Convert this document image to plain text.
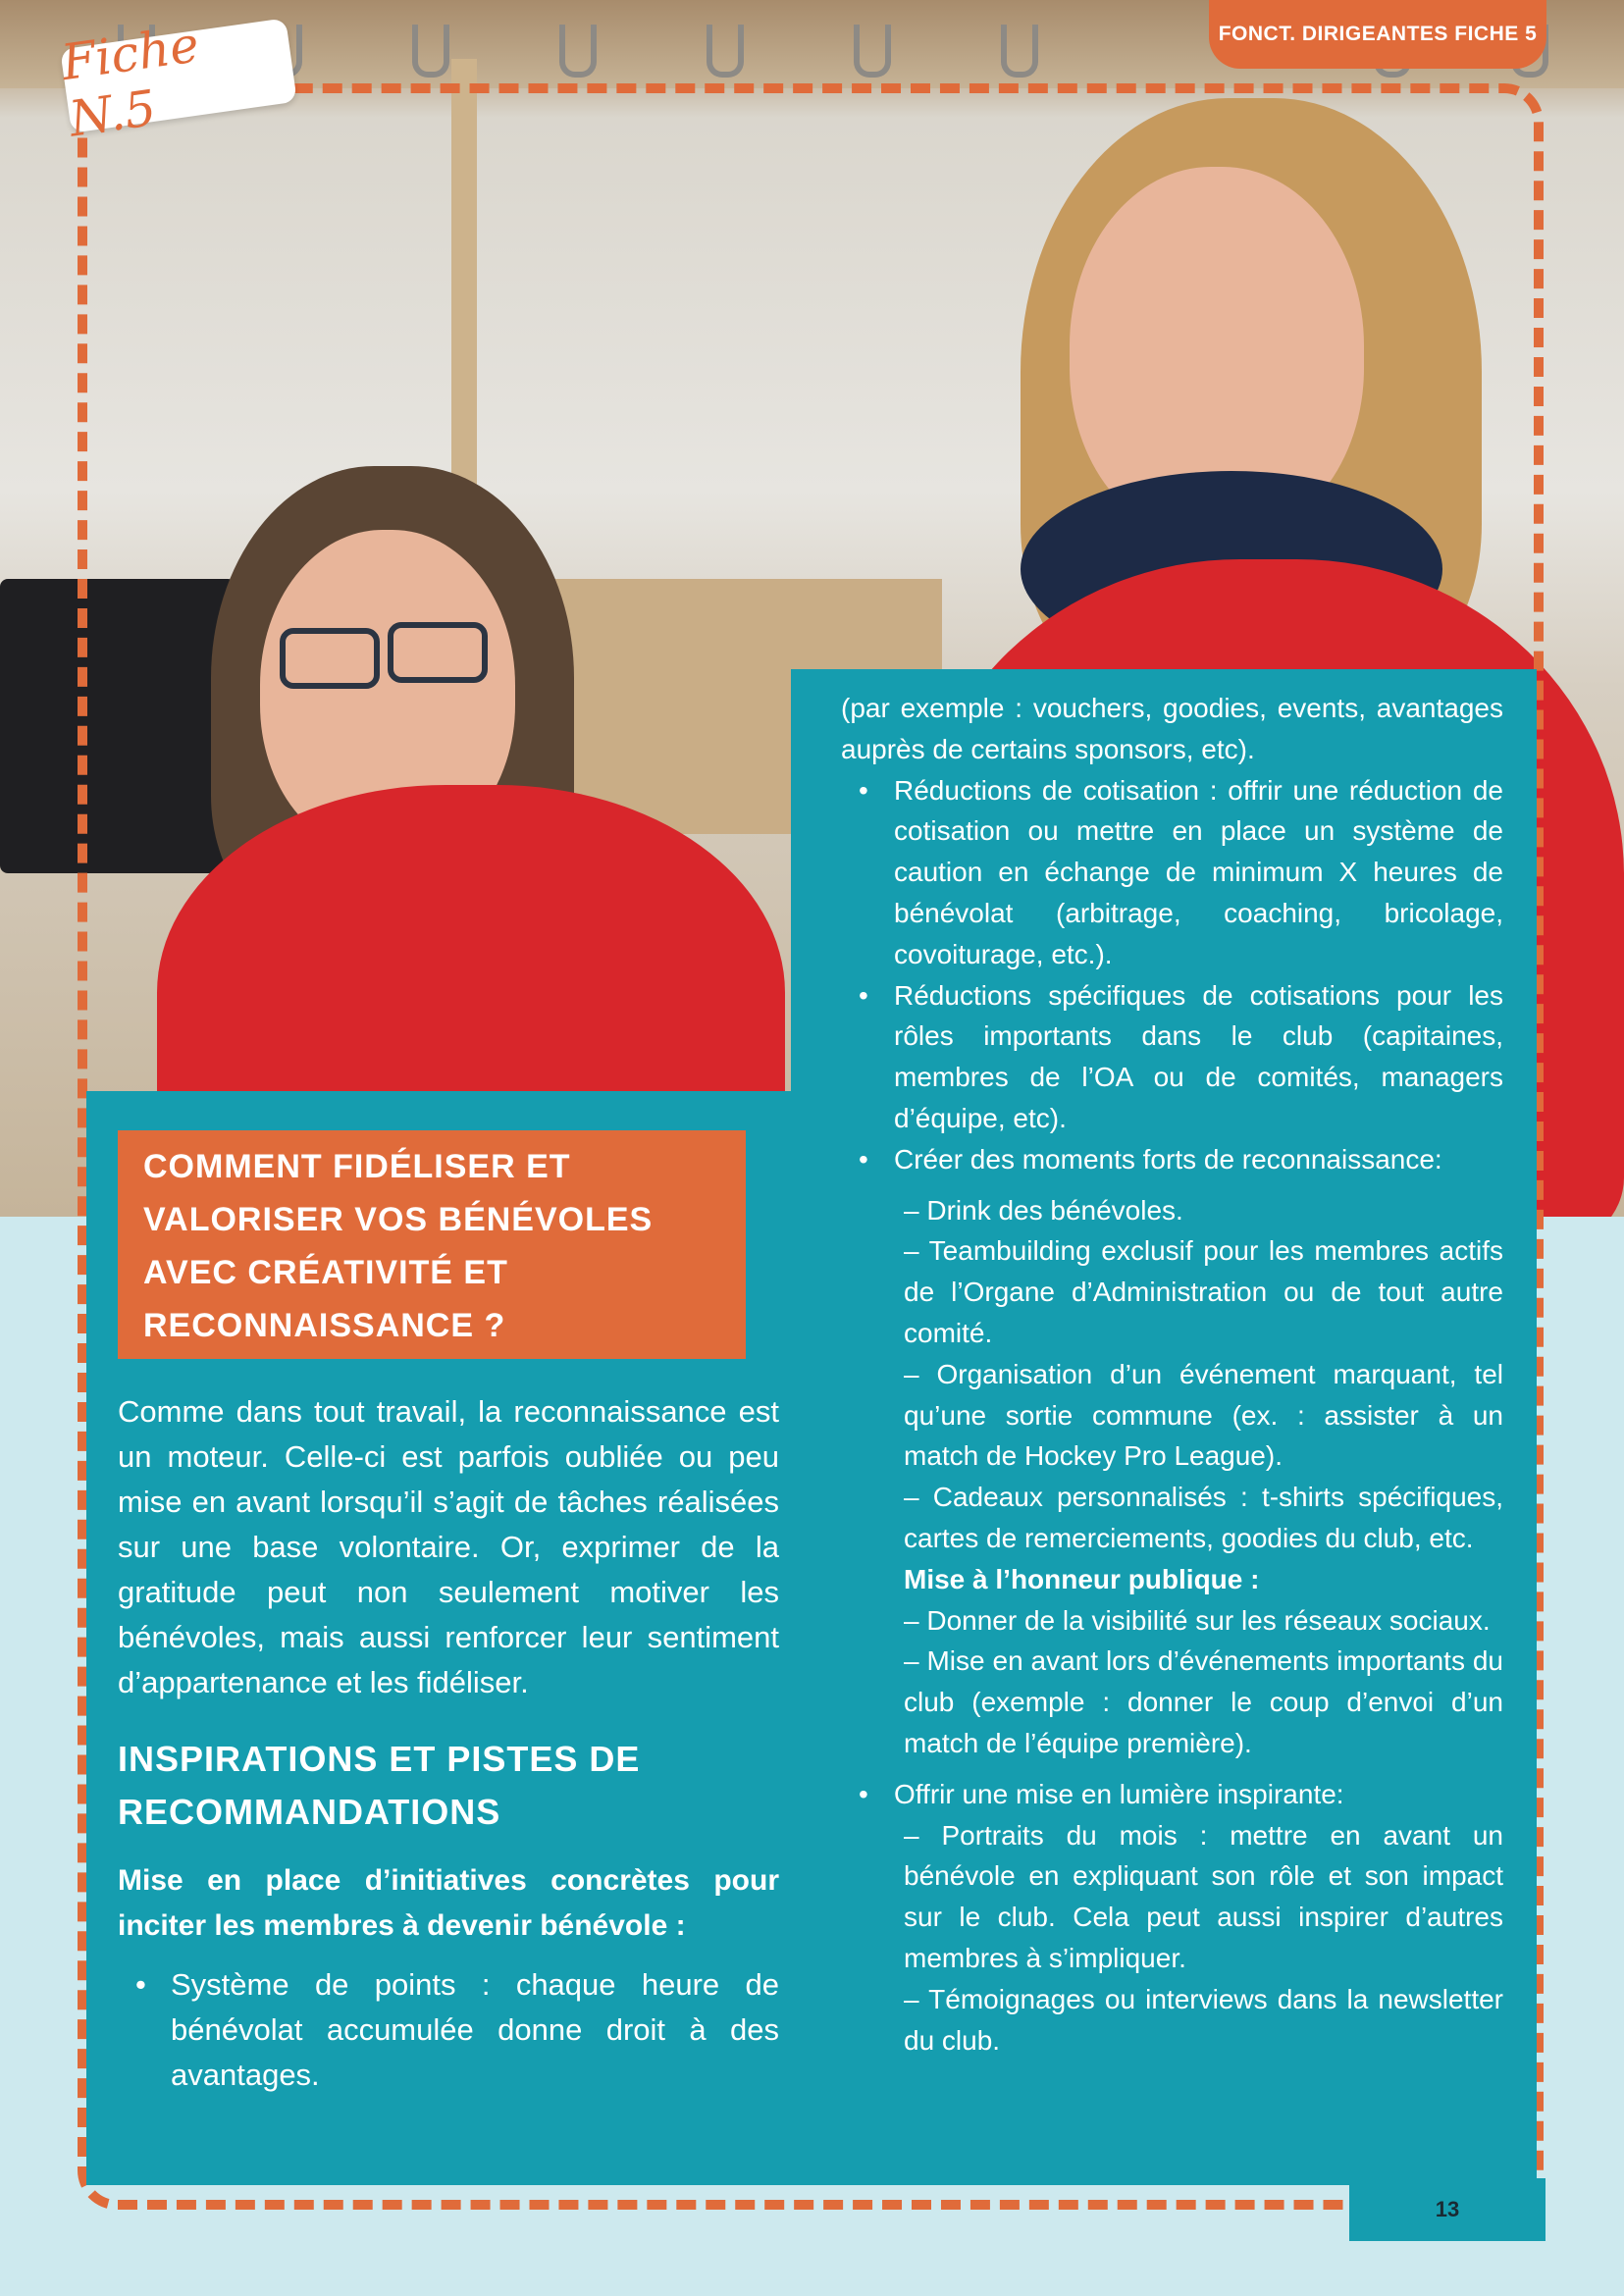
Fiche N.5
FONCT. DIRIGEANTES FICHE 5
COMMENT FIDÉLISER ET
VALORISER VOS BÉNÉVOLES
AVEC CRÉATIVITÉ ET
RECONNAISSANCE ?

Comme dans tout travail, la reconnaissance est un moteur. Celle-ci est parfois oubliée ou peu mise en avant lorsqu’il s’agit de tâches réalisées sur une base volontaire. Or, exprimer de la gratitude peut non seulement motiver les bénévoles, mais aussi renforcer leur sentiment d’appartenance et les fidéliser.

INSPIRATIONS ET PISTES DE RECOMMANDATIONS

Mise en place d’initiatives concrètes pour inciter les membres à devenir bénévole :

• Système de points : chaque heure de bénévolat accumulée donne droit à des avantages.

(par exemple : vouchers, goodies, events, avantages auprès de certains sponsors, etc).

• Réductions de cotisation : offrir une réduction de cotisation ou mettre en place un système de caution en échange de minimum X heures de bénévolat (arbitrage, coaching, bricolage, covoiturage, etc.).
• Réductions spécifiques de cotisations pour les rôles importants dans le club (capitaines, membres de l’OA ou de comités, managers d’équipe, etc).
• Créer des moments forts de reconnaissance:
– Drink des bénévoles.
– Teambuilding exclusif pour les membres actifs de l’Organe d’Administration ou de tout autre comité.
– Organisation d’un événement marquant, tel qu’une sortie commune (ex. : assister à un match de Hockey Pro League).
– Cadeaux personnalisés : t-shirts spécifiques, cartes de remerciements, goodies du club, etc.
Mise à l’honneur publique :
– Donner de la visibilité sur les réseaux sociaux.
– Mise en avant lors d’événements importants du club (exemple : donner le coup d’envoi d’un match de l’équipe première).
• Offrir une mise en lumière inspirante:
– Portraits du mois : mettre en avant un bénévole en expliquant son rôle et son impact sur le club. Cela peut aussi inspirer d’autres membres à s’impliquer.
– Témoignages ou interviews dans la newsletter du club.
13
